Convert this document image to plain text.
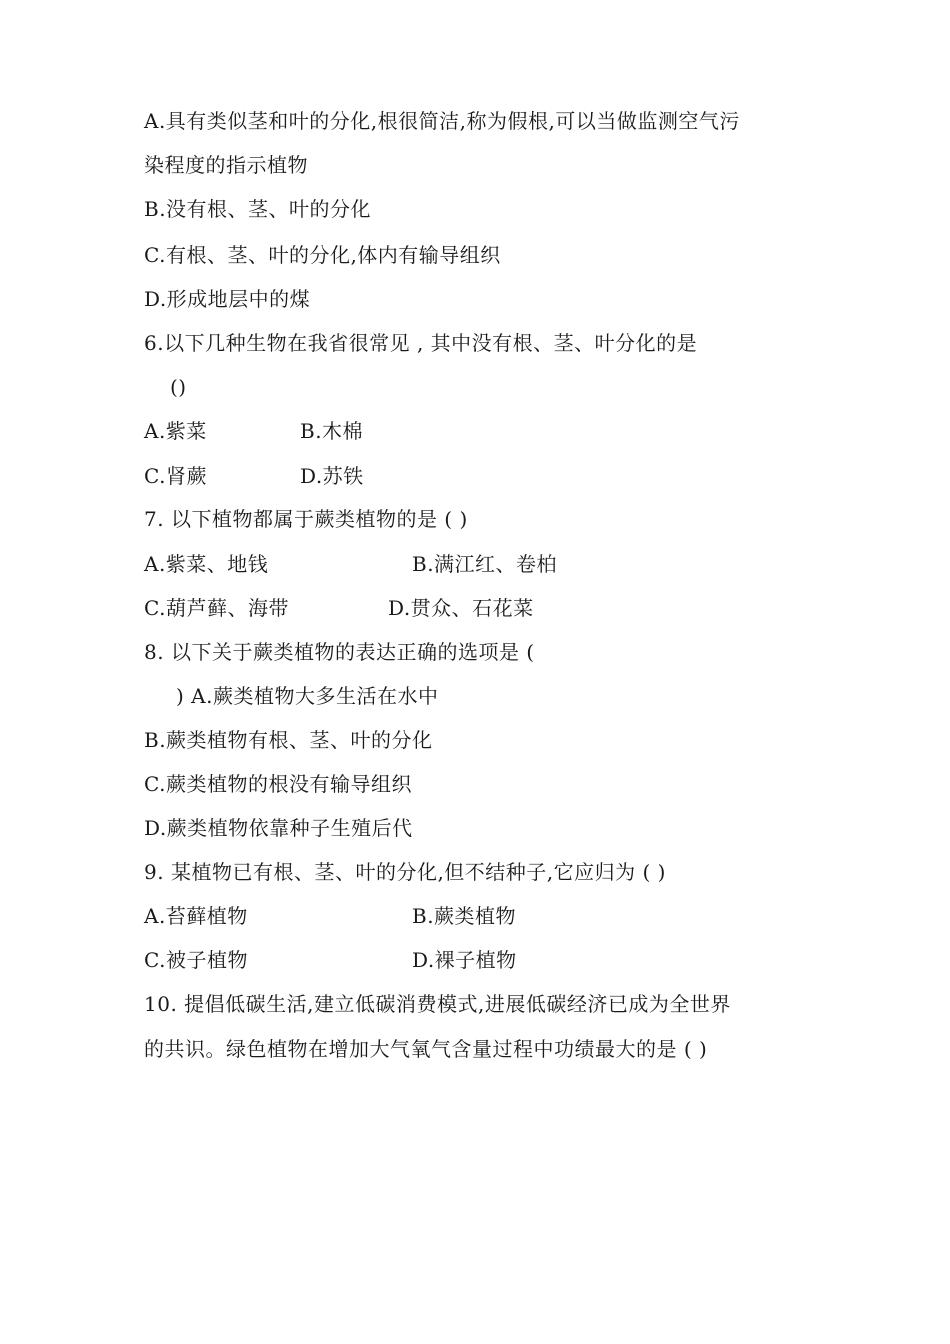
A.具有类似茎和叶的分化,根很简洁,称为假根,可以当做监测空气污
染程度的指示植物
B.没有根、茎、叶的分化
C.有根、茎、叶的分化,体内有输导组织
D.形成地层中的煤
6.以下几种生物在我省很常见 , 其中没有根、茎、叶分化的是
()
A.紫菜	B.木棉
C.肾蕨	D.苏铁
7. 以下植物都属于蕨类植物的是 ( )
A.紫菜、地钱	B.满江红、卷柏
C.葫芦藓、海带	D.贯众、石花菜
8. 以下关于蕨类植物的表达正确的选项是 (
) A.蕨类植物大多生活在水中
B.蕨类植物有根、茎、叶的分化
C.蕨类植物的根没有输导组织
D.蕨类植物依靠种子生殖后代
9. 某植物已有根、茎、叶的分化,但不结种子,它应归为 ( )
A.苔藓植物	B.蕨类植物
C.被子植物	D.裸子植物
10. 提倡低碳生活,建立低碳消费模式,进展低碳经济已成为全世界
的共识。绿色植物在增加大气氧气含量过程中功绩最大的是 ( )
